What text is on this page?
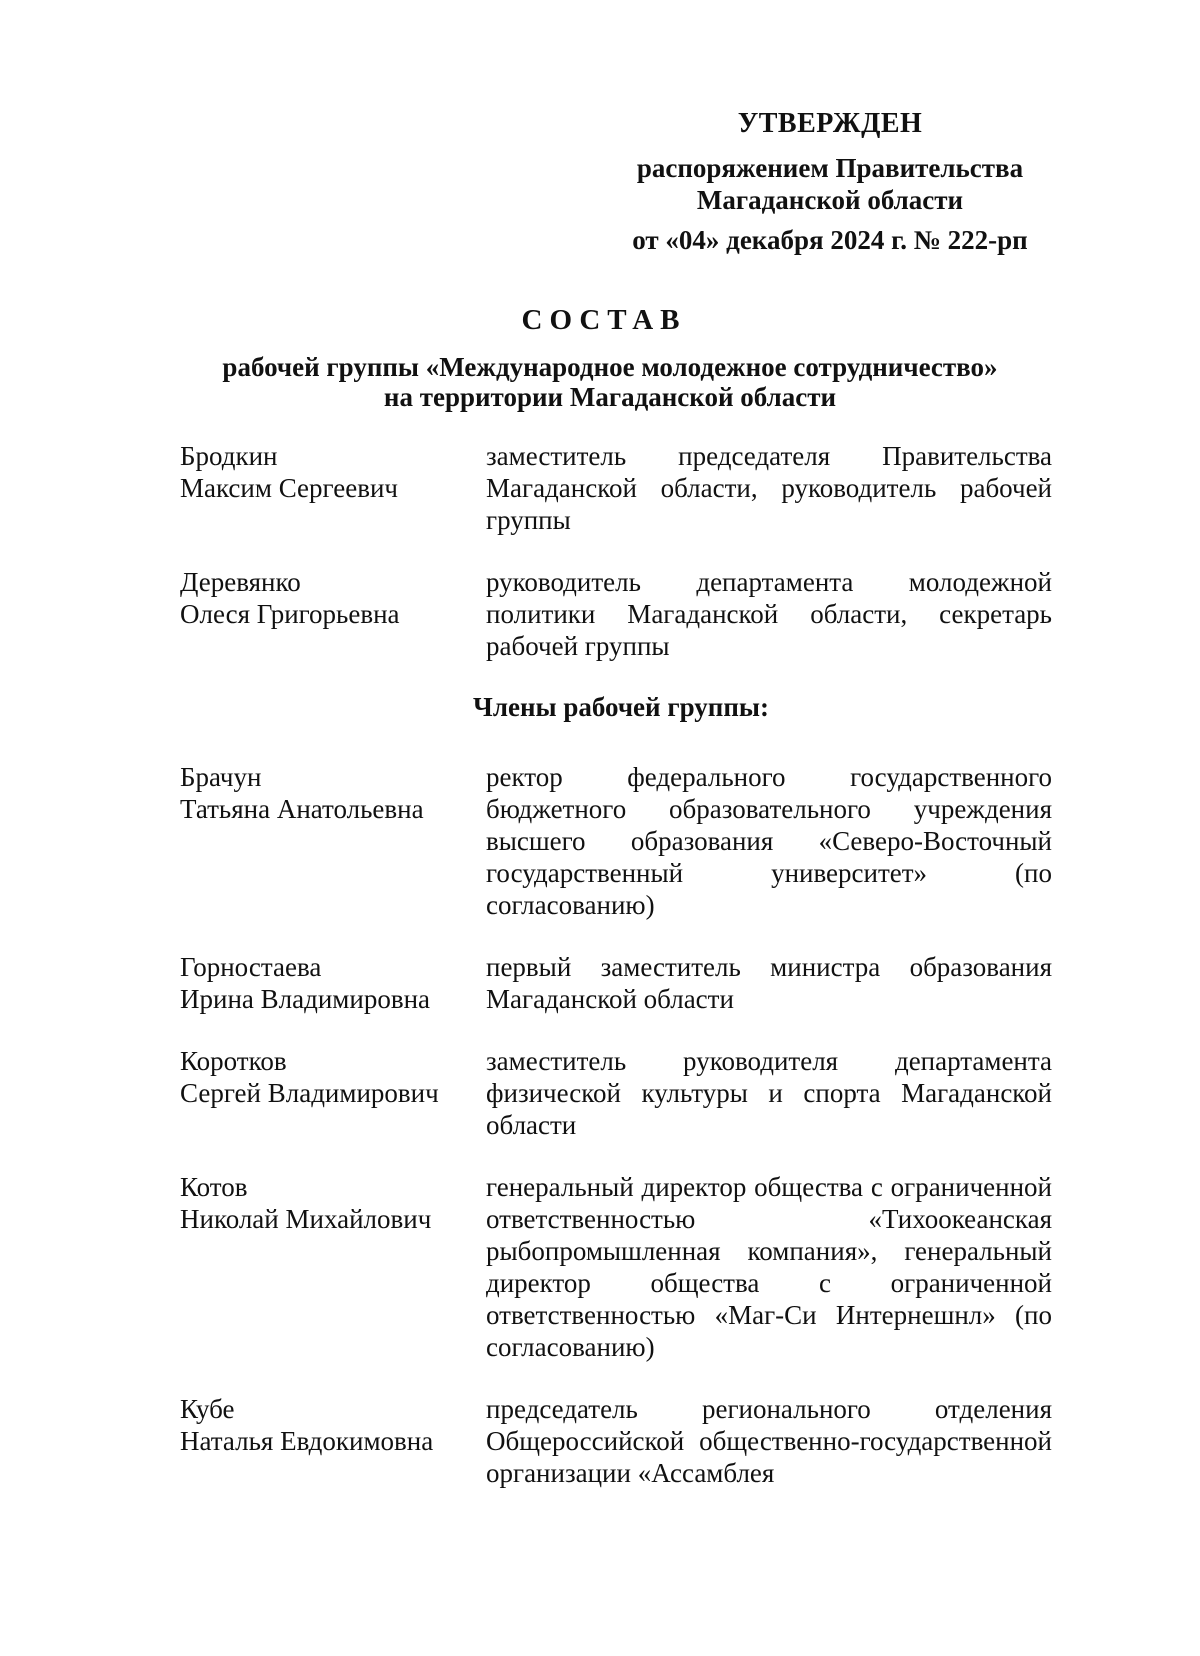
УТВЕРЖДЕН
распоряжением Правительства
Магаданской области
от «04» декабря 2024 г. № 222-рп
СОСТАВ
рабочей группы «Международное молодежное сотрудничество»
на территории Магаданской области
Бродкин
Максим Сергеевич
заместитель председателя Правительства Магаданской области, руководитель рабочей группы
Деревянко
Олеся Григорьевна
руководитель департамента молодежной политики Магаданской области, секретарь рабочей группы
Члены рабочей группы:
Брачун
Татьяна Анатольевна
ректор федерального государственного бюджетного образовательного учреждения высшего образования «Северо-Восточный государственный университет» (по согласованию)
Горностаева
Ирина Владимировна
первый заместитель министра образования Магаданской области
Коротков
Сергей Владимирович
заместитель руководителя департамента физической культуры и спорта Магаданской области
Котов
Николай Михайлович
генеральный директор общества с ограниченной ответственностью «Тихоокеанская рыбопромышленная компания», генеральный директор общества с ограниченной ответственностью «Маг-Си Интернешнл» (по согласованию)
Кубе
Наталья Евдокимовна
председатель регионального отделения Общероссийской общественно-государственной организации «Ассамблея
